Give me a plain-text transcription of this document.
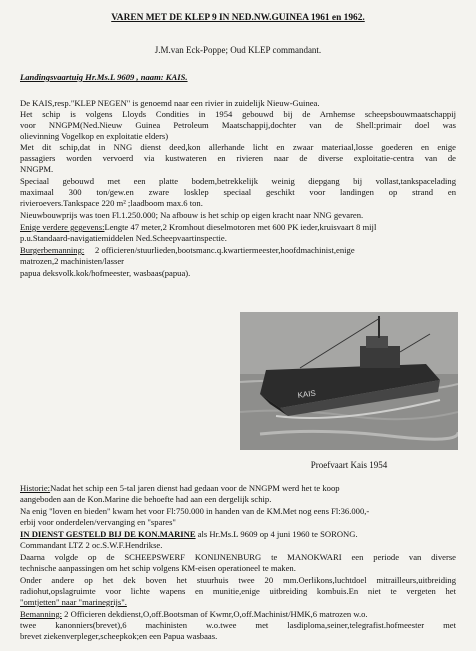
VAREN MET DE KLEP 9 IN NED.NW.GUINEA 1961 en 1962.
J.M.van Eck-Poppe; Oud KLEP commandant.
Landingsvaartuig Hr.Ms.L 9609 , naam: KAIS.
De KAIS,resp."KLEP NEGEN" is genoemd naar een rivier in zuidelijk Nieuw-Guinea.
Het schip is volgens Lloyds Condities in 1954 gebouwd bij de Arnhemse scheepsbouwmaatschappij
voor NNGPM(Ned.Nieuw Guinea Petroleum Maatschappij,dochter van de Shell:primair doel was
olievinning Vogelkop en exploitatie elders)
Met dit schip,dat in NNG dienst deed,kon allerhande licht en zwaar materiaal,losse goederen en enige
passagiers worden vervoerd via kustwateren en rivieren naar de diverse exploitatie-centra van de
NNGPM.
Speciaal gebouwd met een platte bodem,betrekkelijk weinig diepgang bij vollast,tankspacelading
maximaal 300 ton/gew.en zware losklep speciaal geschikt voor landingen op strand en
rivieroevers.Tankspace 220 m² ;laadboom max.6 ton.
Nieuwbouwprijs was toen Fl.1.250.000; Na afbouw is het schip op eigen kracht naar NNG gevaren.
Enige verdere gegevens:Lengte 47 meter,2 Kromhout dieselmotoren met 600 PK ieder,kruisvaart 8 mijl
p.u.Standaard-navigatiemiddelen Ned.Scheepvaartinspectie.
Burgerbemanning: 2 officieren/stuurlieden,bootsmanc.q.kwartiermeester,hoofdmachinist,enige
matrozen,2 machinisten/lasser
papua deksvolk.kok/hofmeester, wasbaas(papua).
KAIS
Proefvaart Kais 1954
Historie:Nadat het schip een 5-tal jaren dienst had gedaan voor de NNGPM werd het te koop
aangeboden aan de Kon.Marine die behoefte had aan een dergelijk schip.
Na enig "loven en bieden" kwam het voor Fl:750.000 in handen van de KM.Met nog eens Fl:36.000,-
erbij voor onderdelen/vervanging en "spares"
IN DIENST GESTELD BIJ DE KON.MARINE als Hr.Ms.L 9609 op 4 juni 1960 te SORONG.
Commandant LTZ 2 oc.S.W.F.Hendrikse.
Daarna volgde op de SCHEEPSWERF KONIJNENBURG te MANOKWARI een periode van diverse
technische aanpassingen om het schip volgens KM-eisen operationeel te maken.
Onder andere op het dek boven het stuurhuis twee 20 mm.Oerlikons,luchtdoel mitrailleurs,uitbreiding
radiohut,opslagruimte voor lichte wapens en munitie,enige uitbreiding kombuis.En niet te vergeten het
"omtjetten" naar "marinegrijs".
Bemanning: 2 Officieren dekdienst,O,off.Bootsman of Kwmr,O,off.Machinist/HMK,6 matrozen w.o.
twee kanonniers(brevet),6 machinisten w.o.twee met lasdiploma,seiner,telegrafist.hofmeester met
brevet ziekenverpleger,scheepkok;en een Papua wasbaas.
